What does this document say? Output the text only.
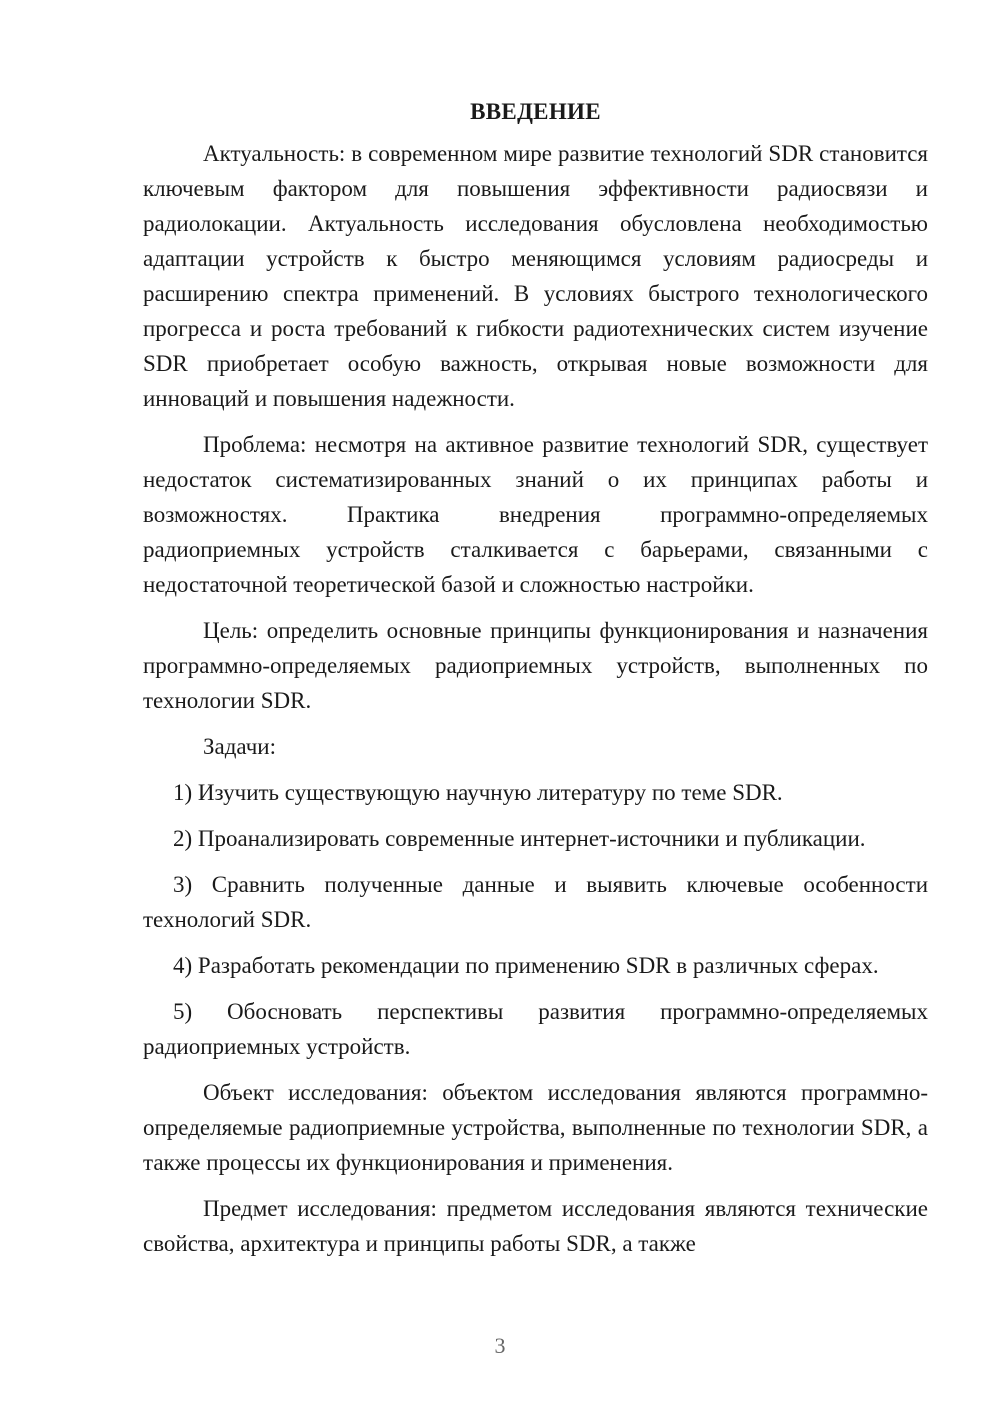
ВВЕДЕНИЕ

Актуальность: в современном мире развитие технологий SDR становится ключевым фактором для повышения эффективности радиосвязи и радиолокации. Актуальность исследования обусловлена необходимостью адаптации устройств к быстро меняющимся условиям радиосреды и расширению спектра применений. В условиях быстрого технологического прогресса и роста требований к гибкости радиотехнических систем изучение SDR приобретает особую важность, открывая новые возможности для инноваций и повышения надежности.

Проблема: несмотря на активное развитие технологий SDR, существует недостаток систематизированных знаний о их принципах работы и возможностях. Практика внедрения программно-определяемых радиоприемных устройств сталкивается с барьерами, связанными с недостаточной теоретической базой и сложностью настройки.

Цель: определить основные принципы функционирования и назначения программно-определяемых радиоприемных устройств, выполненных по технологии SDR.

Задачи:

1) Изучить существующую научную литературу по теме SDR.

2) Проанализировать современные интернет-источники и публикации.

3) Сравнить полученные данные и выявить ключевые особенности технологий SDR.

4) Разработать рекомендации по применению SDR в различных сферах.

5) Обосновать перспективы развития программно-определяемых радиоприемных устройств.

Объект исследования: объектом исследования являются программно-определяемые радиоприемные устройства, выполненные по технологии SDR, а также процессы их функционирования и применения.

Предмет исследования: предметом исследования являются технические свойства, архитектура и принципы работы SDR, а также

3
